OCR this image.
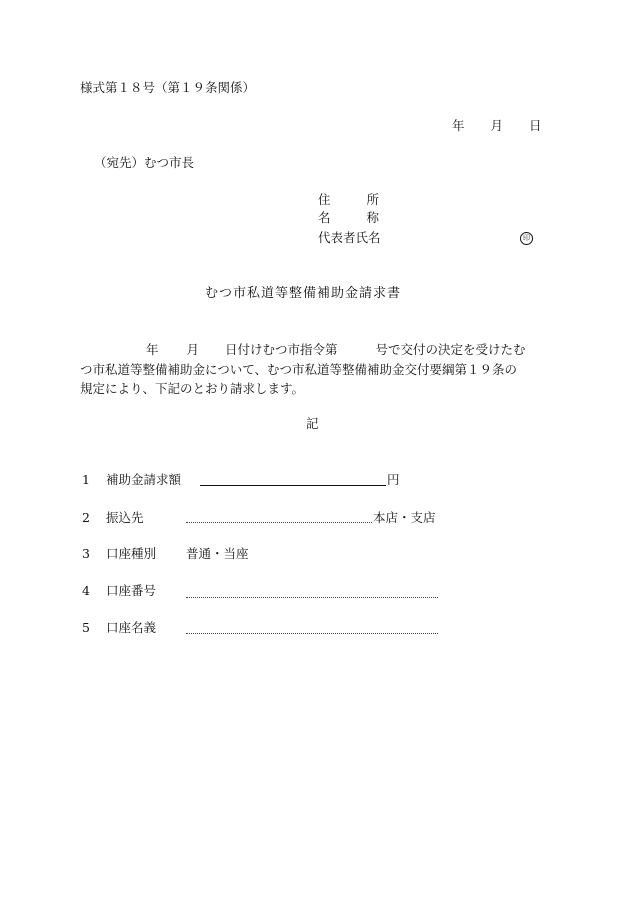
様式第１８号（第１９条関係）
年 月 日
（宛先）むつ市長
住	所
名	称
代表者氏名	印
むつ市私道等整備補助金請求書
年 月 日付けむつ市指令第	号で交付の決定を受けたむ
つ市私道等整備補助金について、むつ市私道等整備補助金交付要綱第１９条の
規定により、下記のとおり請求します。
記
1 補助金請求額	円
2 振込先	本店・支店
3 口座種別 普通・当座
4 口座番号
5 口座名義
